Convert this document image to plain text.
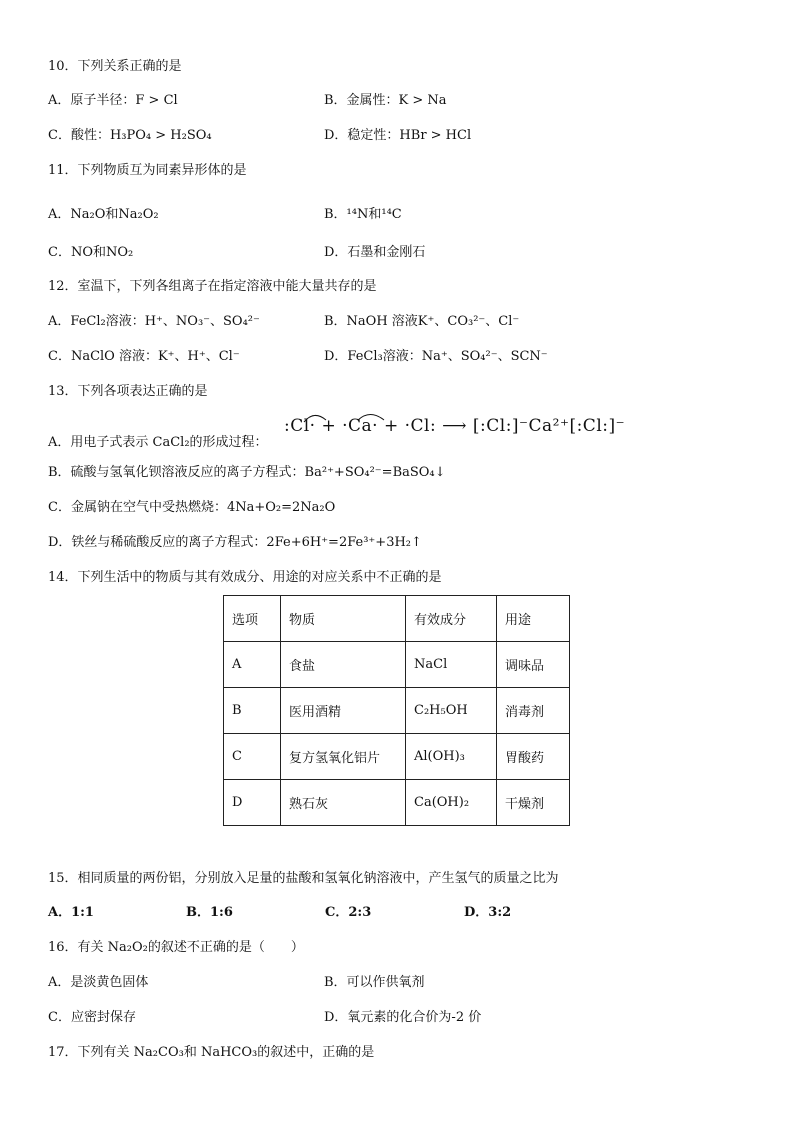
10．下列关系正确的是
A．原子半径：F > Cl	B．金属性：K > Na
C．酸性：H₃PO₄ > H₂SO₄	D．稳定性：HBr > HCl
11．下列物质互为同素异形体的是
A．Na₂O和Na₂O₂	B．¹⁴N和¹⁴C
C．NO和NO₂	D．石墨和金刚石
12．室温下，下列各组离子在指定溶液中能大量共存的是
A．FeCl₂溶液：H⁺、NO₃⁻、SO₄²⁻	B．NaOH 溶液K⁺、CO₃²⁻、Cl⁻
C．NaClO 溶液：K⁺、H⁺、Cl⁻	D．FeCl₃溶液：Na⁺、SO₄²⁻、SCN⁻
13．下列各项表达正确的是
A．用电子式表示 CaCl₂的形成过程：
:Cl· + ·Ca· + ·Cl: ⟶ [:Cl:]⁻Ca²⁺[:Cl:]⁻
B．硫酸与氢氧化钡溶液反应的离子方程式：Ba²⁺+SO₄²⁻=BaSO₄↓
C．金属钠在空气中受热燃烧：4Na+O₂=2Na₂O
D．铁丝与稀硫酸反应的离子方程式：2Fe+6H⁺=2Fe³⁺+3H₂↑
14．下列生活中的物质与其有效成分、用途的对应关系中不正确的是
选项	物质	有效成分	用途
A	食盐	NaCl	调味品
B	医用酒精	C₂H₅OH	消毒剂
C	复方氢氧化铝片	Al(OH)₃	胃酸药
D	熟石灰	Ca(OH)₂	干燥剂
15．相同质量的两份铝，分别放入足量的盐酸和氢氧化钠溶液中，产生氢气的质量之比为
A．1:1	B．1:6	C．2:3	D．3:2
16．有关 Na₂O₂的叙述不正确的是（　　）
A．是淡黄色固体	B．可以作供氧剂
C．应密封保存	D．氧元素的化合价为-2 价
17．下列有关 Na₂CO₃和 NaHCO₃的叙述中，正确的是
